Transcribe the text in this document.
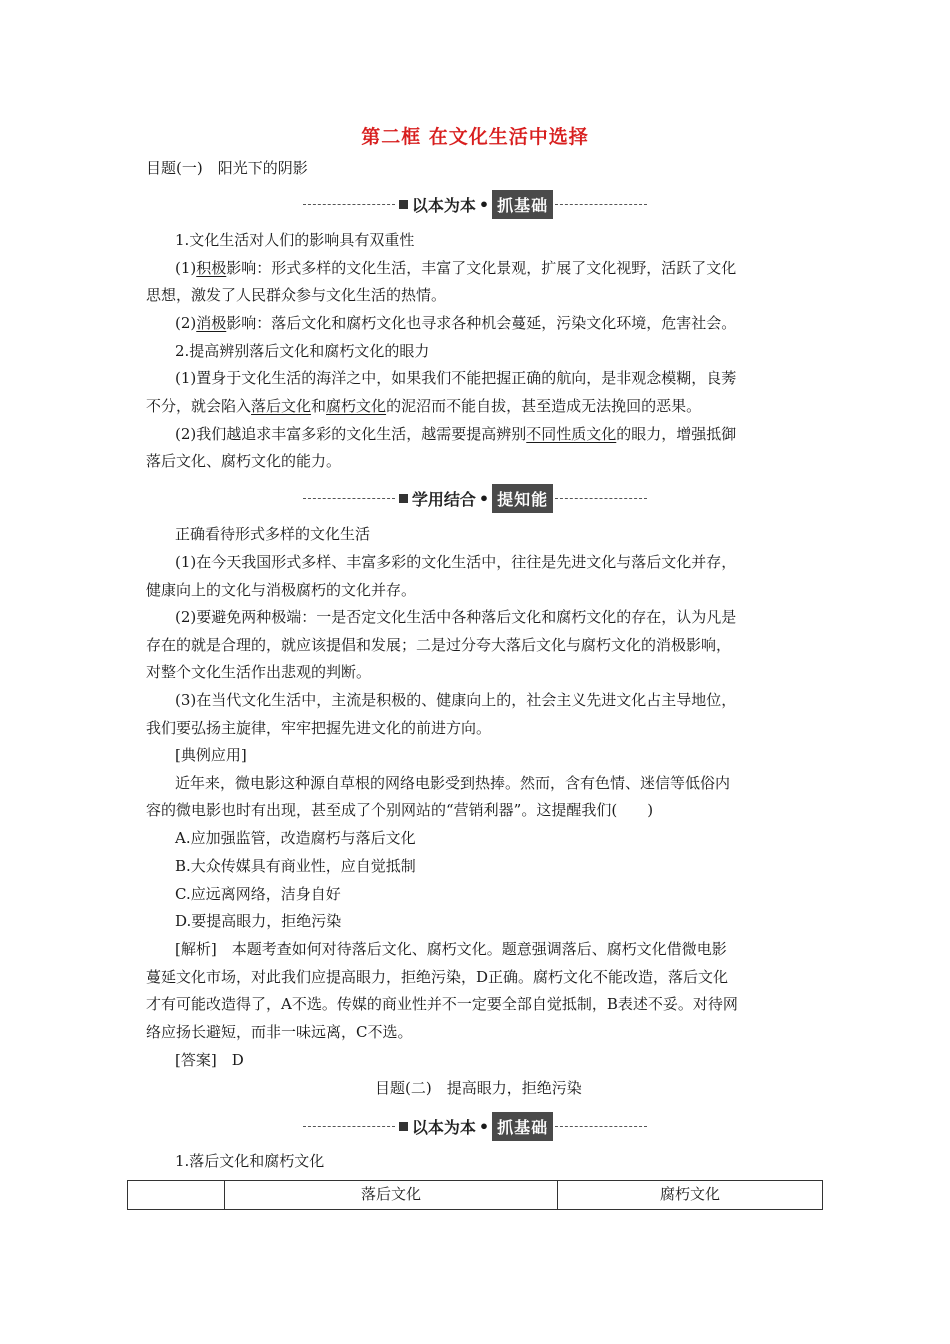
第二框 在文化生活中选择
目题(一)　阳光下的阴影
以本为本 • 抓基础
1.文化生活对人们的影响具有双重性
(1)积极影响：形式多样的文化生活，丰富了文化景观，扩展了文化视野，活跃了文化
思想，激发了人民群众参与文化生活的热情。
(2)消极影响：落后文化和腐朽文化也寻求各种机会蔓延，污染文化环境，危害社会。
2.提高辨别落后文化和腐朽文化的眼力
(1)置身于文化生活的海洋之中，如果我们不能把握正确的航向，是非观念模糊，良莠
不分，就会陷入落后文化和腐朽文化的泥沼而不能自拔，甚至造成无法挽回的恶果。
(2)我们越追求丰富多彩的文化生活，越需要提高辨别不同性质文化的眼力，增强抵御
落后文化、腐朽文化的能力。
学用结合 • 提知能
正确看待形式多样的文化生活
(1)在今天我国形式多样、丰富多彩的文化生活中，往往是先进文化与落后文化并存，
健康向上的文化与消极腐朽的文化并存。
(2)要避免两种极端：一是否定文化生活中各种落后文化和腐朽文化的存在，认为凡是
存在的就是合理的，就应该提倡和发展；二是过分夸大落后文化与腐朽文化的消极影响，
对整个文化生活作出悲观的判断。
(3)在当代文化生活中，主流是积极的、健康向上的，社会主义先进文化占主导地位，
我们要弘扬主旋律，牢牢把握先进文化的前进方向。
[典例应用]
近年来，微电影这种源自草根的网络电影受到热捧。然而，含有色情、迷信等低俗内
容的微电影也时有出现，甚至成了个别网站的“营销利器”。这提醒我们(　　)
A.应加强监管，改造腐朽与落后文化
B.大众传媒具有商业性，应自觉抵制
C.应远离网络，洁身自好
D.要提高眼力，拒绝污染
[解析]　本题考查如何对待落后文化、腐朽文化。题意强调落后、腐朽文化借微电影
蔓延文化市场，对此我们应提高眼力，拒绝污染，D正确。腐朽文化不能改造，落后文化
才有可能改造得了，A不选。传媒的商业性并不一定要全部自觉抵制，B表述不妥。对待网
络应扬长避短，而非一味远离，C不选。
[答案]　D
目题(二)　提高眼力，拒绝污染
以本为本 • 抓基础
1.落后文化和腐朽文化
	落后文化	腐朽文化
